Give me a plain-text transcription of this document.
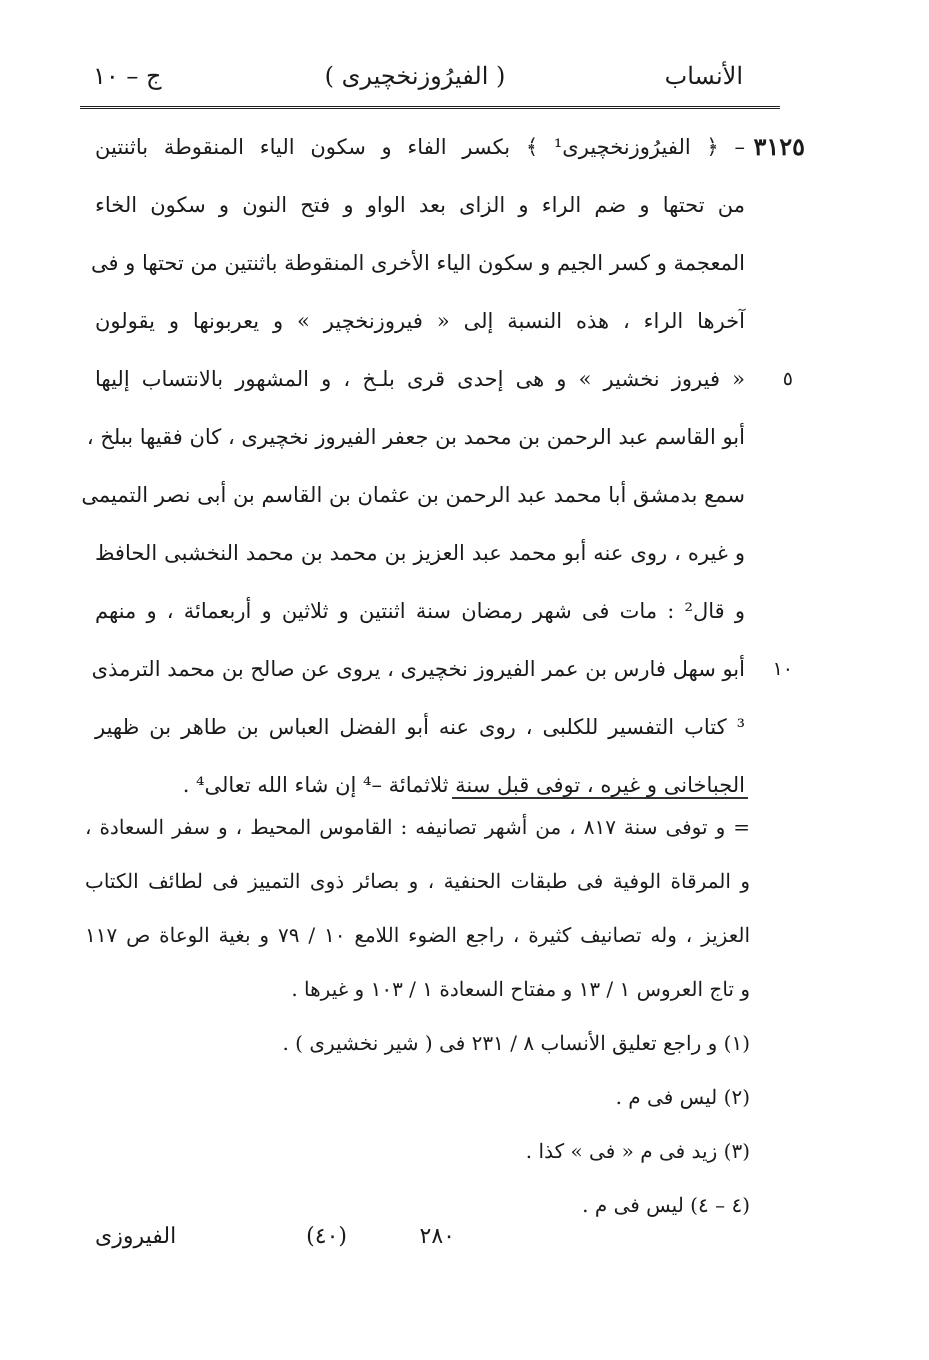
الأنساب
( الفيرُوزنخچيرى )
ج – ١٠
٣١٢٥
– ﴿ الفيرُوزنخچيرى¹ ﴾ بكسر الفاء و سكون الياء المنقوطة باثنتين
من تحتها و ضم الراء و الزاى بعد الواو و فتح النون و سكون الخاء
المعجمة و كسر الجيم و سكون الياء الأخرى المنقوطة باثنتين من تحتها و فى
آخرها الراء ، هذه النسبة إلى « فيروزنخچير » و يعربونها و يقولون
٥
« فيروز نخشير » و هى إحدى قرى بلـخ ، و المشهور بالانتساب إليها
أبو القاسم عبد الرحمن بن محمد بن جعفر الفيروز نخچيرى ، كان فقيها ببلخ ،
سمع بدمشق أبا محمد عبد الرحمن بن عثمان بن القاسم بن أبى نصر التميمى
و غيره ، روى عنه أبو محمد عبد العزيز بن محمد بن محمد النخشبى الحافظ
و قال² : مات فى شهر رمضان سنة اثنتين و ثلاثين و أربعمائة ، و منهم
١٠
أبو سهل فارس بن عمر الفيروز نخچيرى ، يروى عن صالح بن محمد الترمذى
³ كتاب التفسير للكلبى ، روى عنه أبو الفضل العباس بن طاهر بن ظهير
الجباخانى و غيره ، توفى قبل سنة ثلاثمائة –⁴ إن شاء الله تعالى⁴ .
= و توفى سنة ٨١٧ ، من أشهر تصانيفه : القاموس المحيط ، و سفر السعادة ،
و المرقاة الوفية فى طبقات الحنفية ، و بصائر ذوى التمييز فى لطائف الكتاب
العزيز ، وله تصانيف كثيرة ، راجع الضوء اللامع ١٠ / ٧٩ و بغية الوعاة ص ١١٧
و تاج العروس ١ / ١٣ و مفتاح السعادة ١ / ١٠٣ و غيرها .
(١) و راجع تعليق الأنساب ٨ / ٢٣١ فى ( شير نخشيرى ) .
(٢) ليس فى م .
(٣) زيد فى م « فى » كذا .
(٤ – ٤) ليس فى م .
٢٨٠
(٤٠)
الفيروزى
